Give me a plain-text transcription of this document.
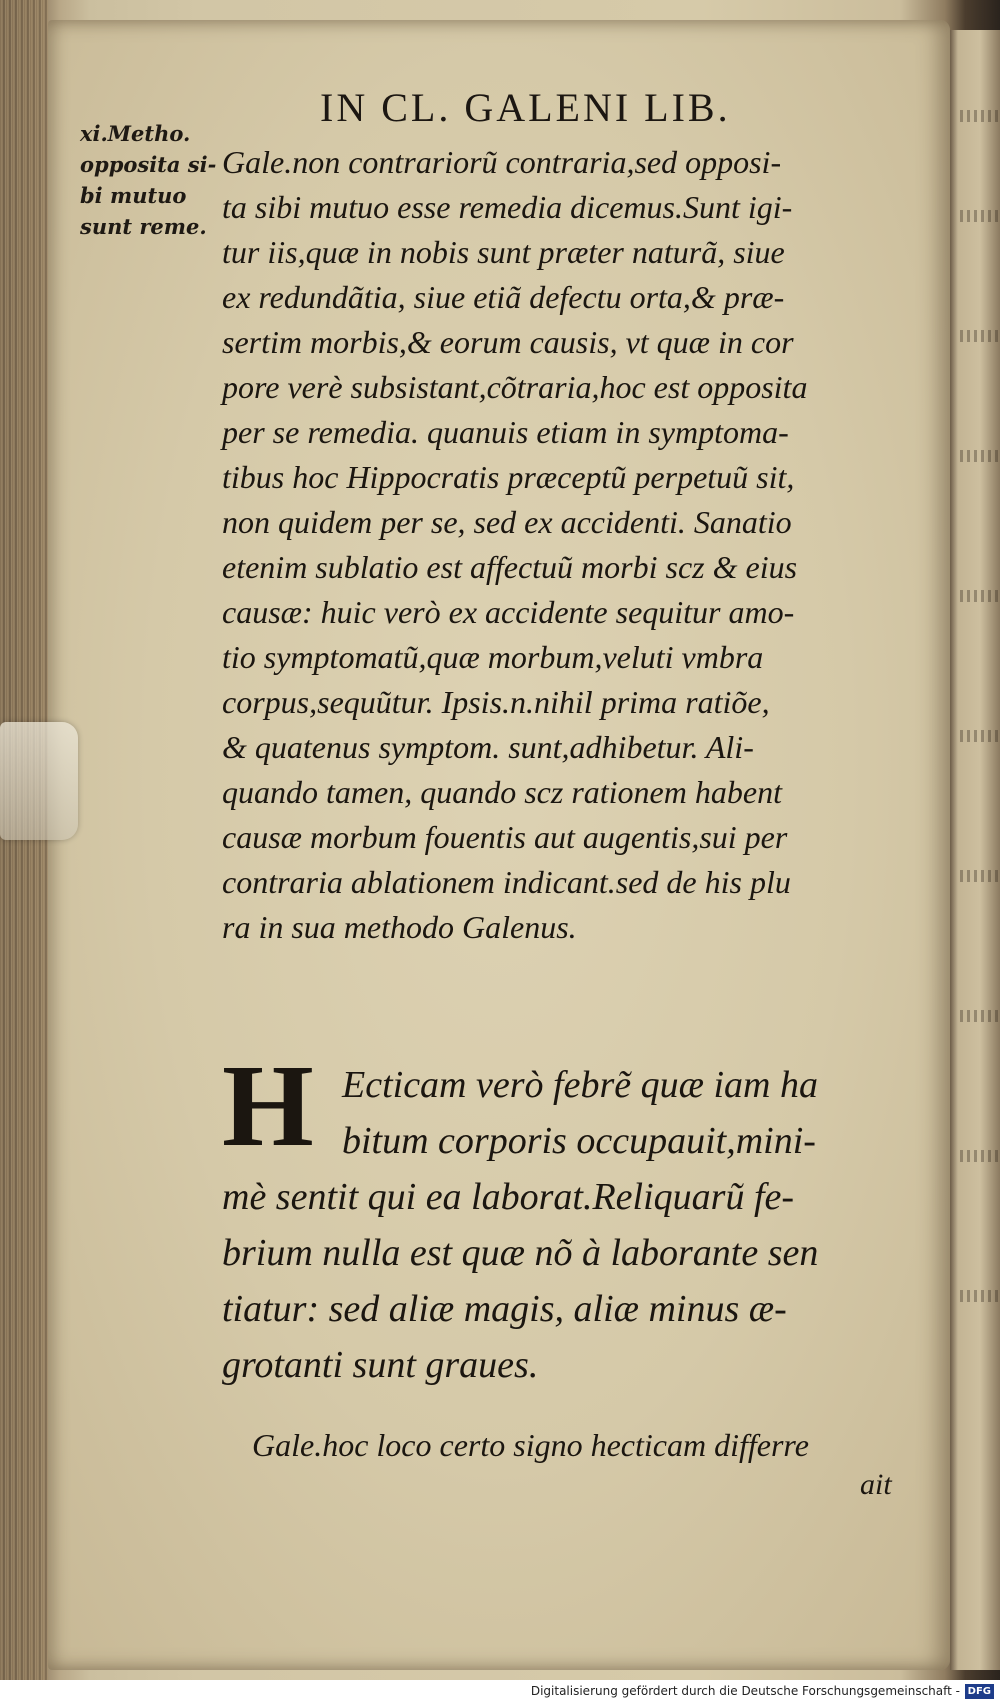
IN CL. GALENI LIB.
xi.Metho.
opposita si-
bi mutuo
sunt reme.
Gale.non contrariorũ contraria,sed opposi-
ta sibi mutuo esse remedia dicemus.Sunt igi-
tur iis,quæ in nobis sunt præter naturã, siue
ex redundãtia, siue etiã defectu orta,& præ-
sertim morbis,& eorum causis, vt quæ in cor
pore verè subsistant,cõtraria,hoc est opposita
per se remedia. quanuis etiam in symptoma-
tibus hoc Hippocratis præceptũ perpetuũ sit,
non quidem per se, sed ex accidenti. Sanatio
etenim sublatio est affectuũ morbi scz & eius
causæ: huic verò ex accidente sequitur amo-
tio symptomatũ,quæ morbum,veluti vmbra
corpus,sequũtur. Ipsis.n.nihil prima ratiõe,
& quatenus symptom. sunt,adhibetur. Ali-
quando tamen, quando scz rationem habent
causæ morbum fouentis aut augentis,sui per
contraria ablationem indicant.sed de his plu
ra in sua methodo Galenus.
H Ecticam verò febrẽ quæ iam ha
bitum corporis occupauit,mini-
mè sentit qui ea laborat.Reliquarũ fe-
brium nulla est quæ nõ à laborante sen
tiatur: sed aliæ magis, aliæ minus æ-
grotanti sunt graues.
Gale.hoc loco certo signo hecticam differre
ait
Digitalisierung gefördert durch die Deutsche Forschungsgemeinschaft - DFG
